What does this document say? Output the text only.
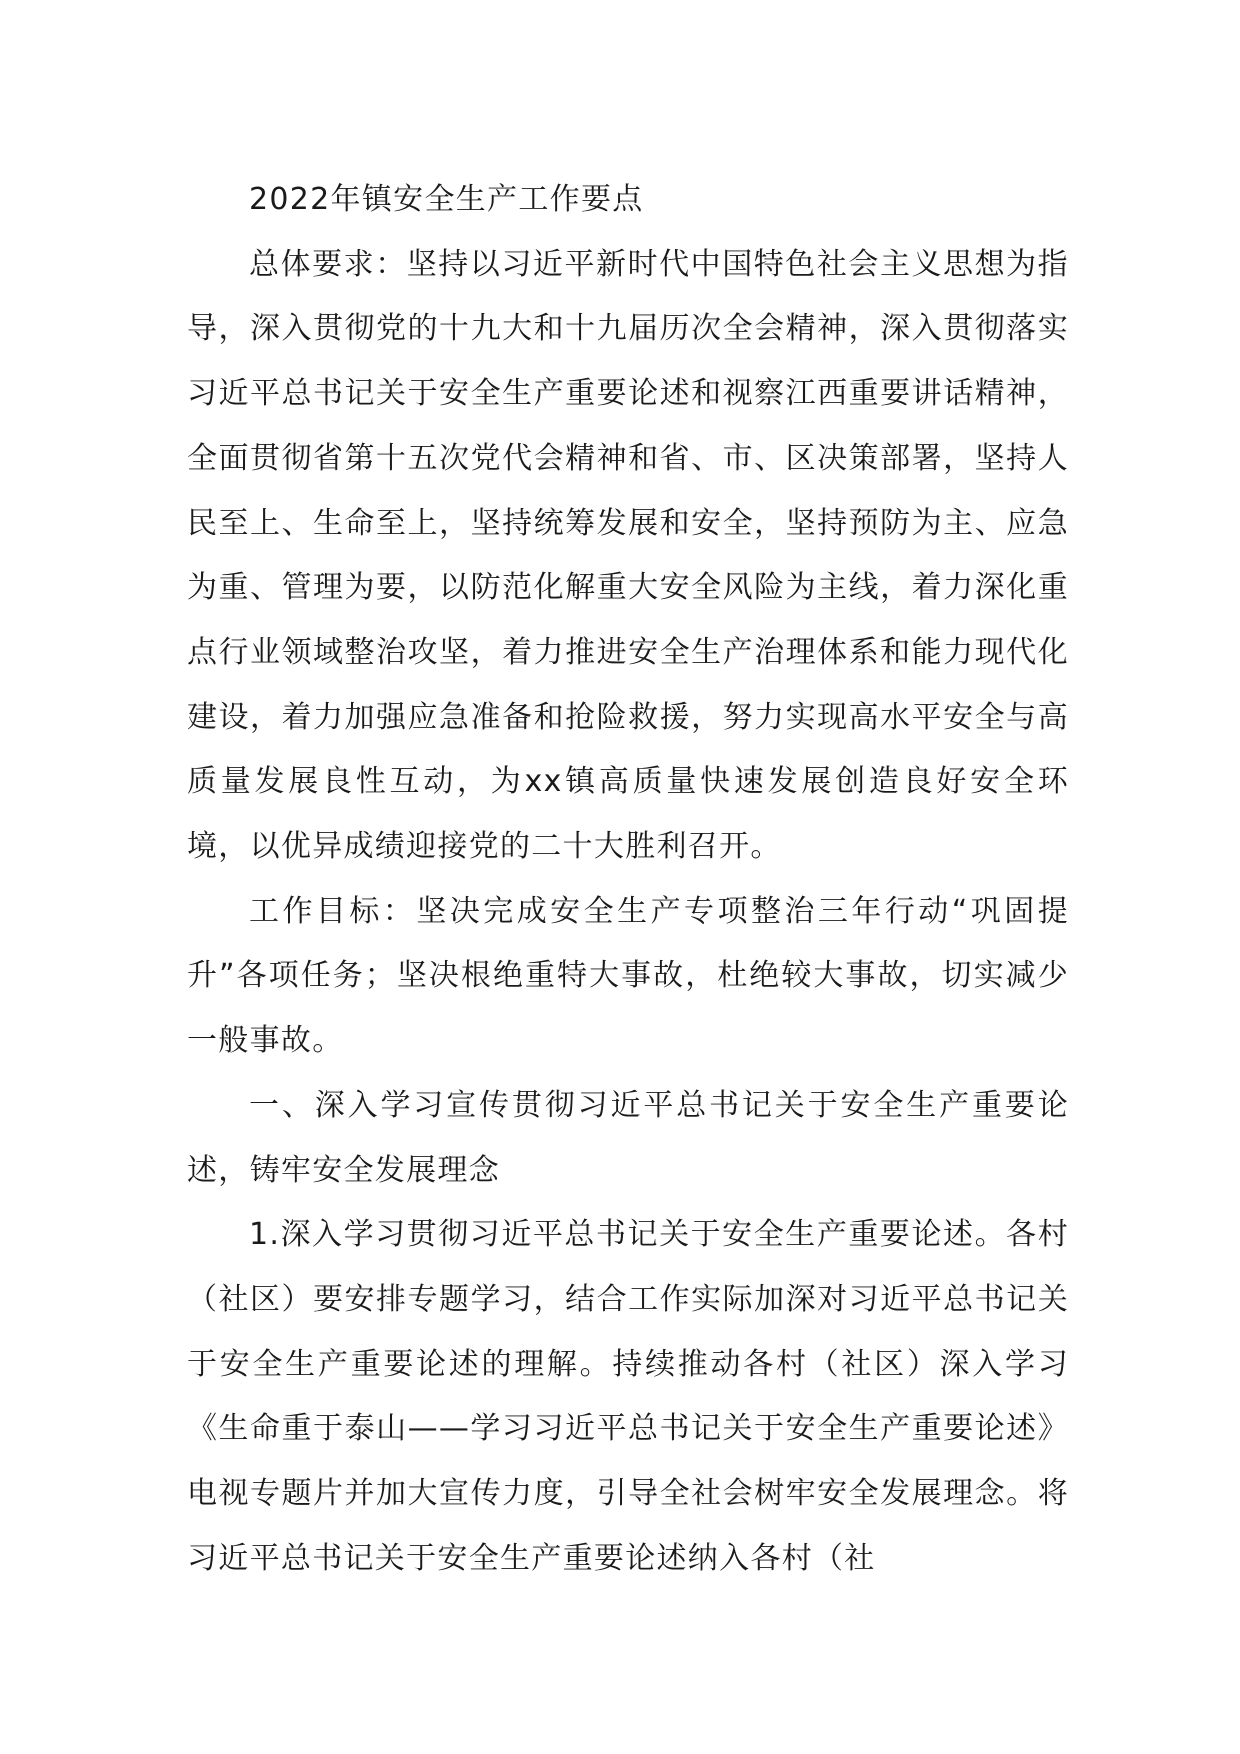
2022年镇安全生产工作要点

总体要求：坚持以习近平新时代中国特色社会主义思想为指导，深入贯彻党的十九大和十九届历次全会精神，深入贯彻落实习近平总书记关于安全生产重要论述和视察江西重要讲话精神，全面贯彻省第十五次党代会精神和省、市、区决策部署，坚持人民至上、生命至上，坚持统筹发展和安全，坚持预防为主、应急为重、管理为要，以防范化解重大安全风险为主线，着力深化重点行业领域整治攻坚，着力推进安全生产治理体系和能力现代化建设，着力加强应急准备和抢险救援，努力实现高水平安全与高质量发展良性互动，为xx镇高质量快速发展创造良好安全环境，以优异成绩迎接党的二十大胜利召开。

工作目标：坚决完成安全生产专项整治三年行动“巩固提升”各项任务；坚决根绝重特大事故，杜绝较大事故，切实减少一般事故。

一、深入学习宣传贯彻习近平总书记关于安全生产重要论述，铸牢安全发展理念

1.深入学习贯彻习近平总书记关于安全生产重要论述。各村（社区）要安排专题学习，结合工作实际加深对习近平总书记关于安全生产重要论述的理解。持续推动各村（社区）深入学习《生命重于泰山——学习习近平总书记关于安全生产重要论述》电视专题片并加大宣传力度，引导全社会树牢安全发展理念。将习近平总书记关于安全生产重要论述纳入各村（社
